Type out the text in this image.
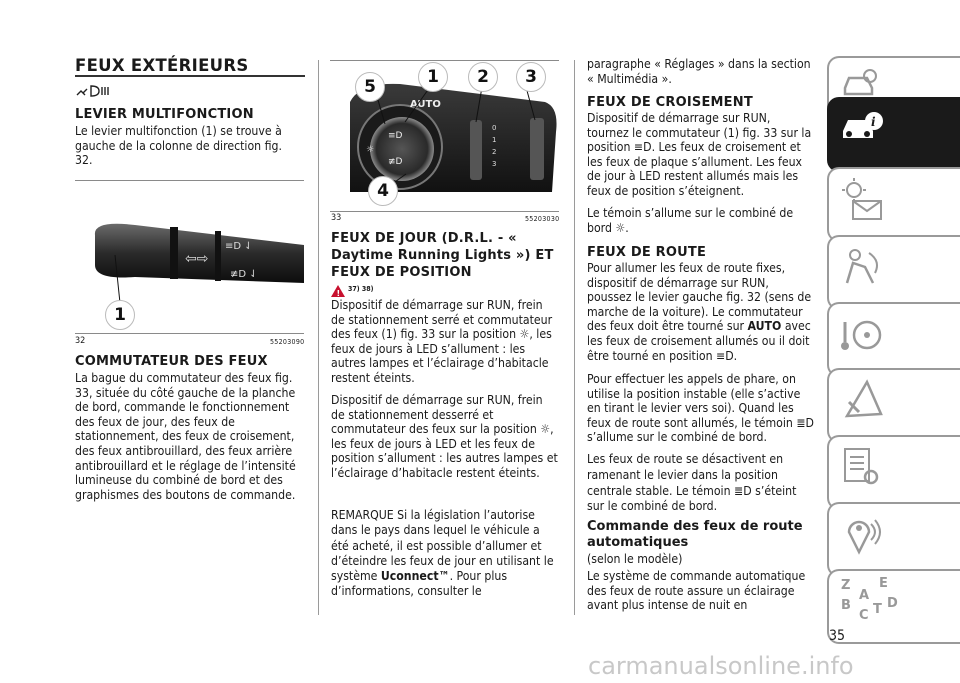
FEUX EXTÉRIEURS
LEVIER MULTIFONCTION

Le levier multifonction (1) se trouve à gauche de la colonne de direction fig. 32.

⇦⇨
≡D ⇃
≢D ⇃
1
32	55203090
COMMUTATEUR DES FEUX

La bague du commutateur des feux fig. 33, située du côté gauche de la planche de bord, commande le fonctionnement des feux de jour, des feux de stationnement, des feux de croisement, des feux antibrouillard, des feux arrière antibrouillard et le réglage de l’intensité lumineuse du combiné de bord et des graphismes des boutons de commande.

≡D
≢D
AUTO
☼
0
1
2
3
5	1	2	3
4
33	55203030
FEUX DE JOUR (D.R.L. - « Daytime Running Lights ») ET FEUX DE POSITION
! 37) 38)

Dispositif de démarrage sur RUN, frein de stationnement serré et commutateur des feux (1) fig. 33 sur la position ⁠☼⁠, les feux de jours à LED s’allument : les autres lampes et l’éclairage d’habitacle restent éteints.

Dispositif de démarrage sur RUN, frein de stationnement desserré et commutateur des feux sur la position ☼, les feux de jours à LED et les feux de position s’allument : les autres lampes et l’éclairage d’habitacle restent éteints.

REMARQUE Si la législation l’autorise dans le pays dans lequel le véhicule a été acheté, il est possible d’allumer et d’éteindre les feux de jour en utilisant le système Uconnect™. Pour plus d’informations, consulter le

paragraphe « Réglages » dans la section « Multimédia ».

FEUX DE CROISEMENT

Dispositif de démarrage sur RUN, tournez le commutateur (1) fig. 33 sur la position ≡D. Les feux de croisement et les feux de plaque s’allument. Les feux de jour à LED restent allumés mais les feux de position s’éteignent.

Le témoin s’allume sur le combiné de bord ☼.

FEUX DE ROUTE

Pour allumer les feux de route fixes, dispositif de démarrage sur RUN, poussez le levier gauche fig. 32 (sens de marche de la voiture). Le commutateur des feux doit être tourné sur AUTO avec les feux de croisement allumés ou il doit être tourné en position ≡D.

Pour effectuer les appels de phare, on utilise la position instable (elle s’active en tirant le levier vers soi). Quand les feux de route sont allumés, le témoin ≣D s’allume sur le combiné de bord.

Les feux de route se désactivent en ramenant le levier dans la position centrale stable. Le témoin ≣D s’éteint sur le combiné de bord.

Commande des feux de route automatiques

(selon le modèle)

Le système de commande automatique des feux de route assure un éclairage avant plus intense de nuit en

i
Z E
B
C T D
A
35
carmanualsonline.info
